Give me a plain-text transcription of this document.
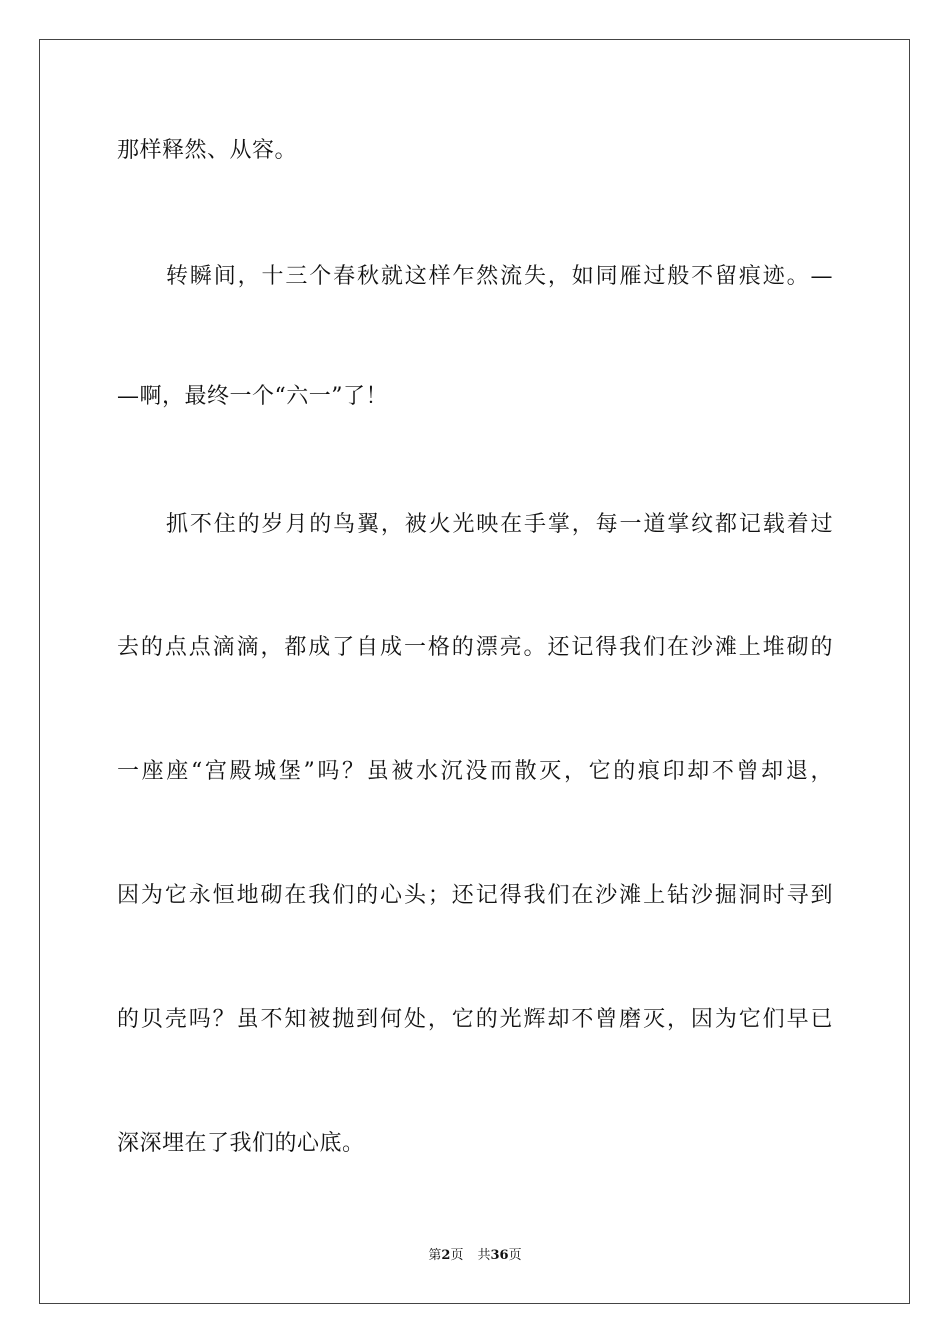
那样释然、从容。
转瞬间，十三个春秋就这样乍然流失，如同雁过般不留痕迹。—
—啊，最终一个“六一”了！
抓不住的岁月的鸟翼，被火光映在手掌，每一道掌纹都记载着过
去的点点滴滴，都成了自成一格的漂亮。还记得我们在沙滩上堆砌的
一座座“宫殿城堡”吗？虽被水沉没而散灭，它的痕印却不曾却退，
因为它永恒地砌在我们的心头；还记得我们在沙滩上钻沙掘洞时寻到
的贝壳吗？虽不知被抛到何处，它的光辉却不曾磨灭，因为它们早已
深深埋在了我们的心底。
第2页 共36页
